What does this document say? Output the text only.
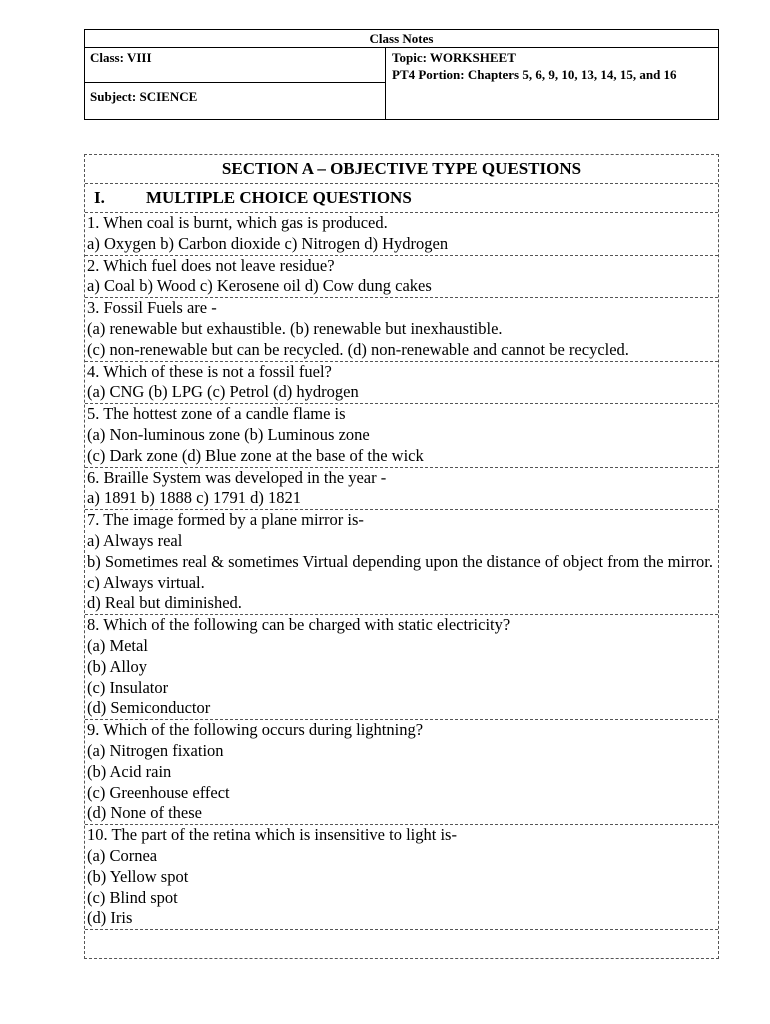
Class Notes
Class: VIII
Subject: SCIENCE
Topic: WORKSHEET
PT4 Portion: Chapters 5, 6, 9, 10, 13, 14, 15, and 16
SECTION A – OBJECTIVE TYPE QUESTIONS
I.	MULTIPLE CHOICE QUESTIONS
1. When coal is burnt, which gas is produced.
a) Oxygen b) Carbon dioxide c) Nitrogen d) Hydrogen
2. Which fuel does not leave residue?
a) Coal b) Wood c) Kerosene oil d) Cow dung cakes
3. Fossil Fuels are -
(a) renewable but exhaustible. (b) renewable but inexhaustible.
(c) non-renewable but can be recycled. (d) non-renewable and cannot be recycled.
4. Which of these is not a fossil fuel?
(a) CNG (b) LPG (c) Petrol (d) hydrogen
5. The hottest zone of a candle flame is
(a) Non-luminous zone (b) Luminous zone
(c) Dark zone (d) Blue zone at the base of the wick
6. Braille System was developed in the year -
a) 1891 b) 1888 c) 1791 d) 1821
7. The image formed by a plane mirror is-
a) Always real
b) Sometimes real & sometimes Virtual depending upon the distance of object from the mirror.
c) Always virtual.
d) Real but diminished.
8. Which of the following can be charged with static electricity?
(a) Metal
(b) Alloy
(c) Insulator
(d) Semiconductor
9. Which of the following occurs during lightning?
(a) Nitrogen fixation
(b) Acid rain
(c) Greenhouse effect
(d) None of these
10. The part of the retina which is insensitive to light is-
(a) Cornea
(b) Yellow spot
(c) Blind spot
(d) Iris
